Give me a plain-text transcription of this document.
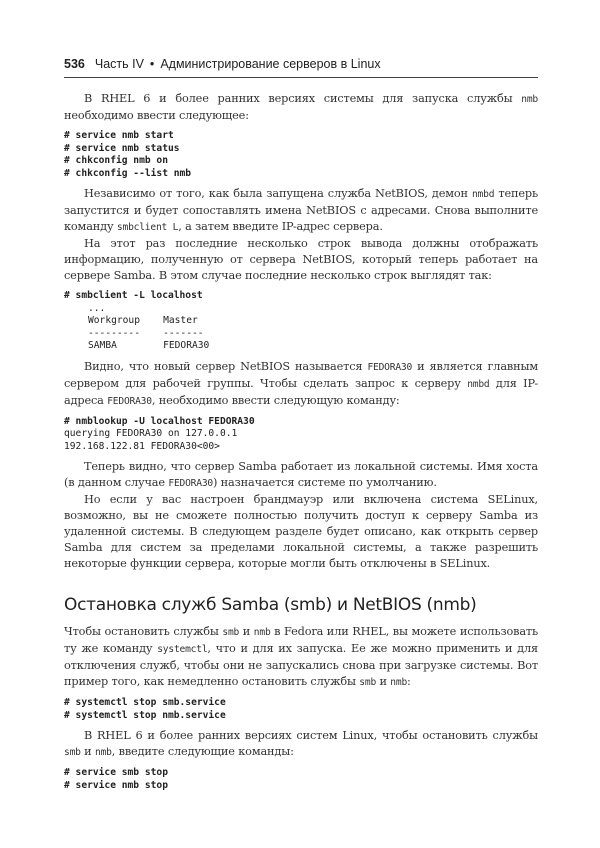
536 Часть IV • Администрирование серверов в Linux

В RHEL 6 и более ранних версиях системы для запуска службы nmb необходимо ввести следующее:

# service nmb start
# service nmb status
# chkconfig nmb on
# chkconfig --list nmb

Независимо от того, как была запущена служба NetBIOS, демон nmbd теперь запустится и будет сопоставлять имена NetBIOS с адресами. Снова выполните команду smbclient L, а затем введите IP-адрес сервера.

На этот раз последние несколько строк вывода должны отображать информацию, полученную от сервера NetBIOS, который теперь работает на сервере Samba. В этом случае последние несколько строк выглядят так:

# smbclient -L localhost
...
Workgroup    Master
---------    -------
SAMBA        FEDORA30

Видно, что новый сервер NetBIOS называется FEDORA30 и является главным сервером для рабочей группы. Чтобы сделать запрос к серверу nmbd для IP-адреса FEDORA30, необходимо ввести следующую команду:

# nmblookup -U localhost FEDORA30
querying FEDORA30 on 127.0.0.1
192.168.122.81 FEDORA30<00>

Теперь видно, что сервер Samba работает из локальной системы. Имя хоста (в данном случае FEDORA30) назначается системе по умолчанию.

Но если у вас настроен брандмауэр или включена система SELinux, возможно, вы не сможете полностью получить доступ к серверу Samba из удаленной системы. В следующем разделе будет описано, как открыть сервер Samba для систем за пределами локальной системы, а также разрешить некоторые функции сервера, которые могли быть отключены в SELinux.

Остановка служб Samba (smb) и NetBIOS (nmb)

Чтобы остановить службы smb и nmb в Fedora или RHEL, вы можете использовать ту же команду systemctl, что и для их запуска. Ее же можно применить и для отключения служб, чтобы они не запускались снова при загрузке системы. Вот пример того, как немедленно остановить службы smb и nmb:

# systemctl stop smb.service
# systemctl stop nmb.service

В RHEL 6 и более ранних версиях систем Linux, чтобы остановить службы smb и nmb, введите следующие команды:

# service smb stop
# service nmb stop
